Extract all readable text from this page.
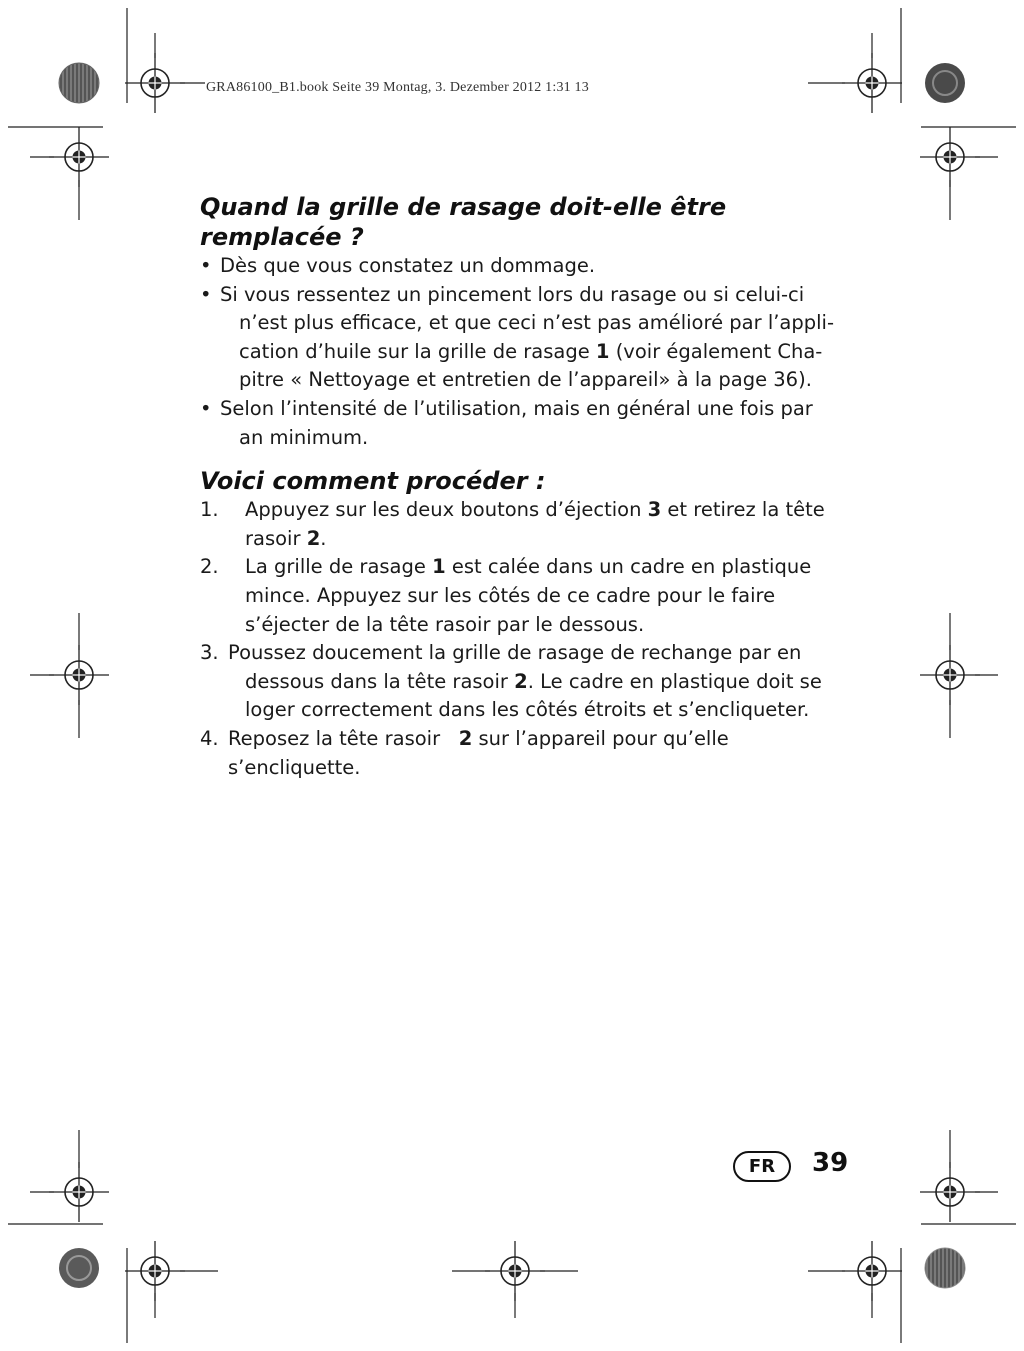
GRA86100_B1.book Seite 39 Montag, 3. Dezember 2012 1:31 13
Quand la grille de rasage doit-elle être
remplacée ?
• Dès que vous constatez un dommage.
• Si vous ressentez un pincement lors du rasage ou si celui-ci
n’est plus efficace, et que ceci n’est pas amélioré par l’appli-
cation d’huile sur la grille de rasage 1 (voir également Cha-
pitre « Nettoyage et entretien de l’appareil» à la page 36).
• Selon l’intensité de l’utilisation, mais en général une fois par
an minimum.
Voici comment procéder :
1. Appuyez sur les deux boutons d’éjection 3 et retirez la tête
rasoir 2.
2. La grille de rasage 1 est calée dans un cadre en plastique
mince. Appuyez sur les côtés de ce cadre pour le faire
s’éjecter de la tête rasoir par le dessous.
3. Poussez doucement la grille de rasage de rechange par en
dessous dans la tête rasoir 2. Le cadre en plastique doit se
loger correctement dans les côtés étroits et s’encliqueter.
4. Reposez la tête rasoir   2 sur l’appareil pour qu’elle s’encliquette.
FR	39
